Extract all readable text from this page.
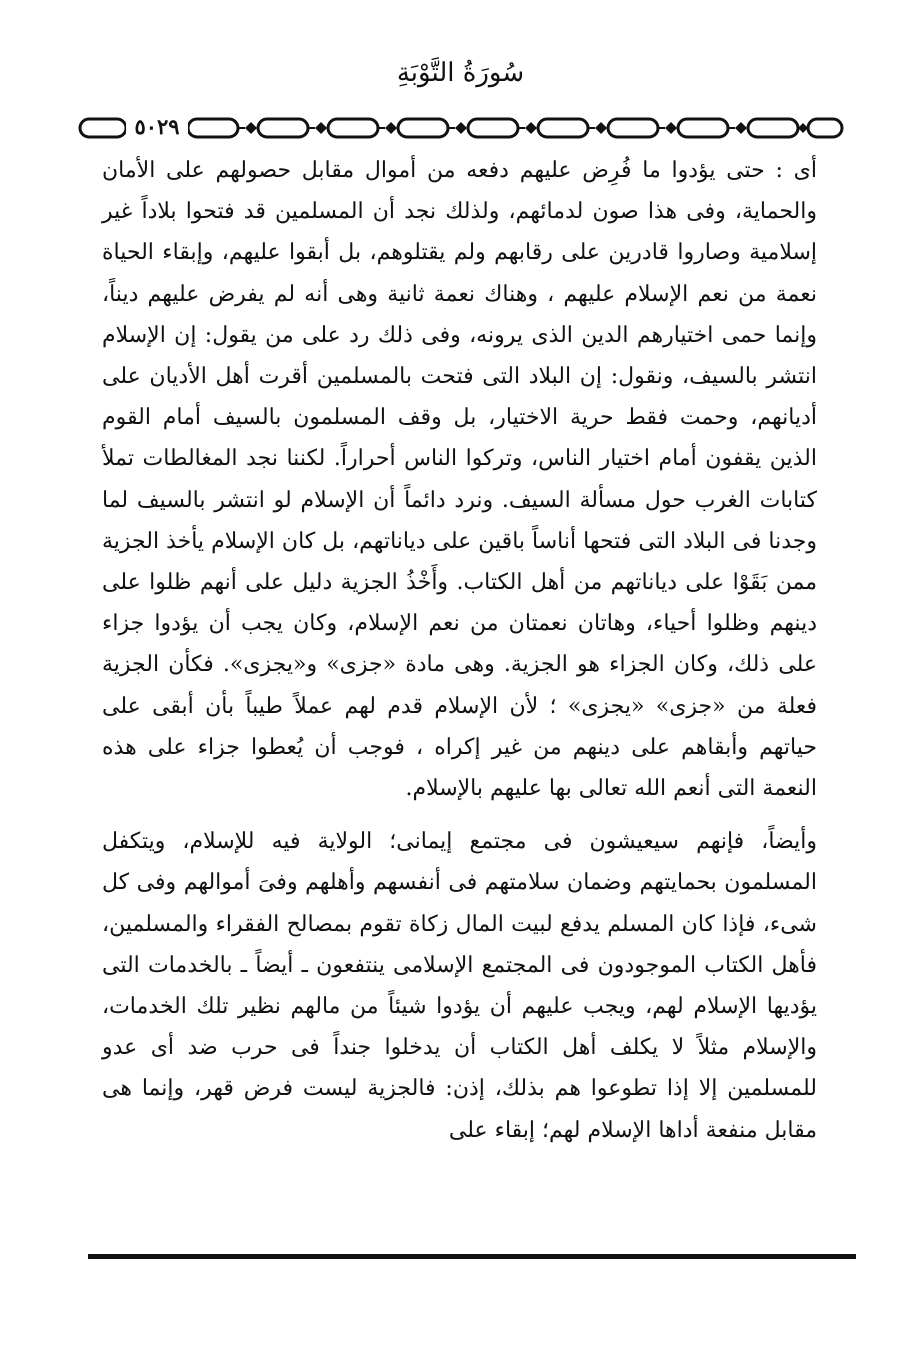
سُورَةُ التَّوْبَةِ
٥٠٢٩

أى : حتى يؤدوا ما فُرِض عليهم دفعه من أموال مقابل حصولهم على الأمان والحماية، وفى هذا صون لدمائهم، ولذلك نجد أن المسلمين قد فتحوا بلاداً غير إسلامية وصاروا قادرين على رقابهم ولم يقتلوهم، بل أبقوا عليهم، وإبقاء الحياة نعمة من نعم الإسلام عليهم ، وهناك نعمة ثانية وهى أنه لم يفرض عليهم ديناً، وإنما حمى اختيارهم الدين الذى يرونه، وفى ذلك رد على من يقول: إن الإسلام انتشر بالسيف، ونقول: إن البلاد التى فتحت بالمسلمين أقرت أهل الأديان على أديانهم، وحمت فقط حرية الاختيار، بل وقف المسلمون بالسيف أمام القوم الذين يقفون أمام اختيار الناس، وتركوا الناس أحراراً. لكننا نجد المغالطات تملأ كتابات الغرب حول مسألة السيف. ونرد دائماً أن الإسلام لو انتشر بالسيف لما وجدنا فى البلاد التى فتحها أناساً باقين على دياناتهم، بل كان الإسلام يأخذ الجزية ممن بَقَوْا على دياناتهم من أهل الكتاب. وأَخْذُ الجزية دليل على أنهم ظلوا على دينهم وظلوا أحياء، وهاتان نعمتان من نعم الإسلام، وكان يجب أن يؤدوا جزاء على ذلك، وكان الجزاء هو الجزية. وهى مادة «جزى» و«يجزى». فكأن الجزية فعلة من «جزى» «يجزى» ؛ لأن الإسلام قدم لهم عملاً طيباً بأن أبقى على حياتهم وأبقاهم على دينهم من غير إكراه ، فوجب أن يُعطوا جزاء على هذه النعمة التى أنعم الله تعالى بها عليهم بالإسلام.

وأيضاً، فإنهم سيعيشون فى مجتمع إيمانى؛ الولاية فيه للإسلام، ويتكفل المسلمون بحمايتهم وضمان سلامتهم فى أنفسهم وأهلهم وفىَ أموالهم وفى كل شىء، فإذا كان المسلم يدفع لبيت المال زكاة تقوم بمصالح الفقراء والمسلمين، فأهل الكتاب الموجودون فى المجتمع الإسلامى ينتفعون ـ أيضاً ـ بالخدمات التى يؤديها الإسلام لهم، ويجب عليهم أن يؤدوا شيئاً من مالهم نظير تلك الخدمات، والإسلام مثلاً لا يكلف أهل الكتاب أن يدخلوا جنداً فى حرب ضد أى عدو للمسلمين إلا إذا تطوعوا هم بذلك، إذن: فالجزية ليست فرض قهر، وإنما هى مقابل منفعة أداها الإسلام لهم؛ إبقاء على
